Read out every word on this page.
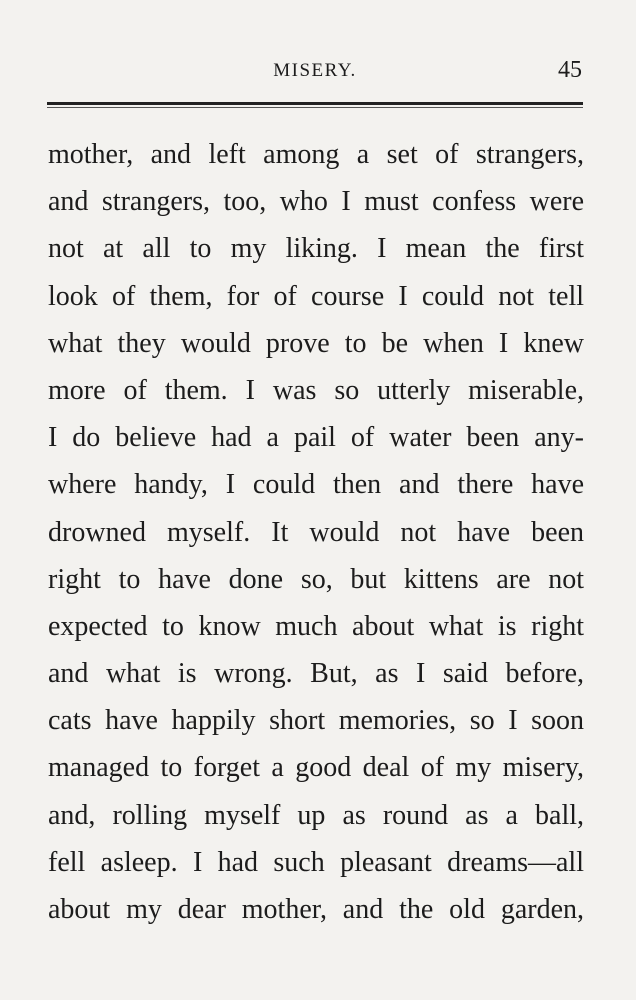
MISERY.	45
mother, and left among a set of strangers,
and strangers, too, who I must confess were
not at all to my liking. I mean the first
look of them, for of course I could not tell
what they would prove to be when I knew
more of them. I was so utterly miserable,
I do believe had a pail of water been any-
where handy, I could then and there have
drowned myself. It would not have been
right to have done so, but kittens are not
expected to know much about what is right
and what is wrong. But, as I said before,
cats have happily short memories, so I soon
managed to forget a good deal of my misery,
and, rolling myself up as round as a ball,
fell asleep. I had such pleasant dreams—all
about my dear mother, and the old garden,
